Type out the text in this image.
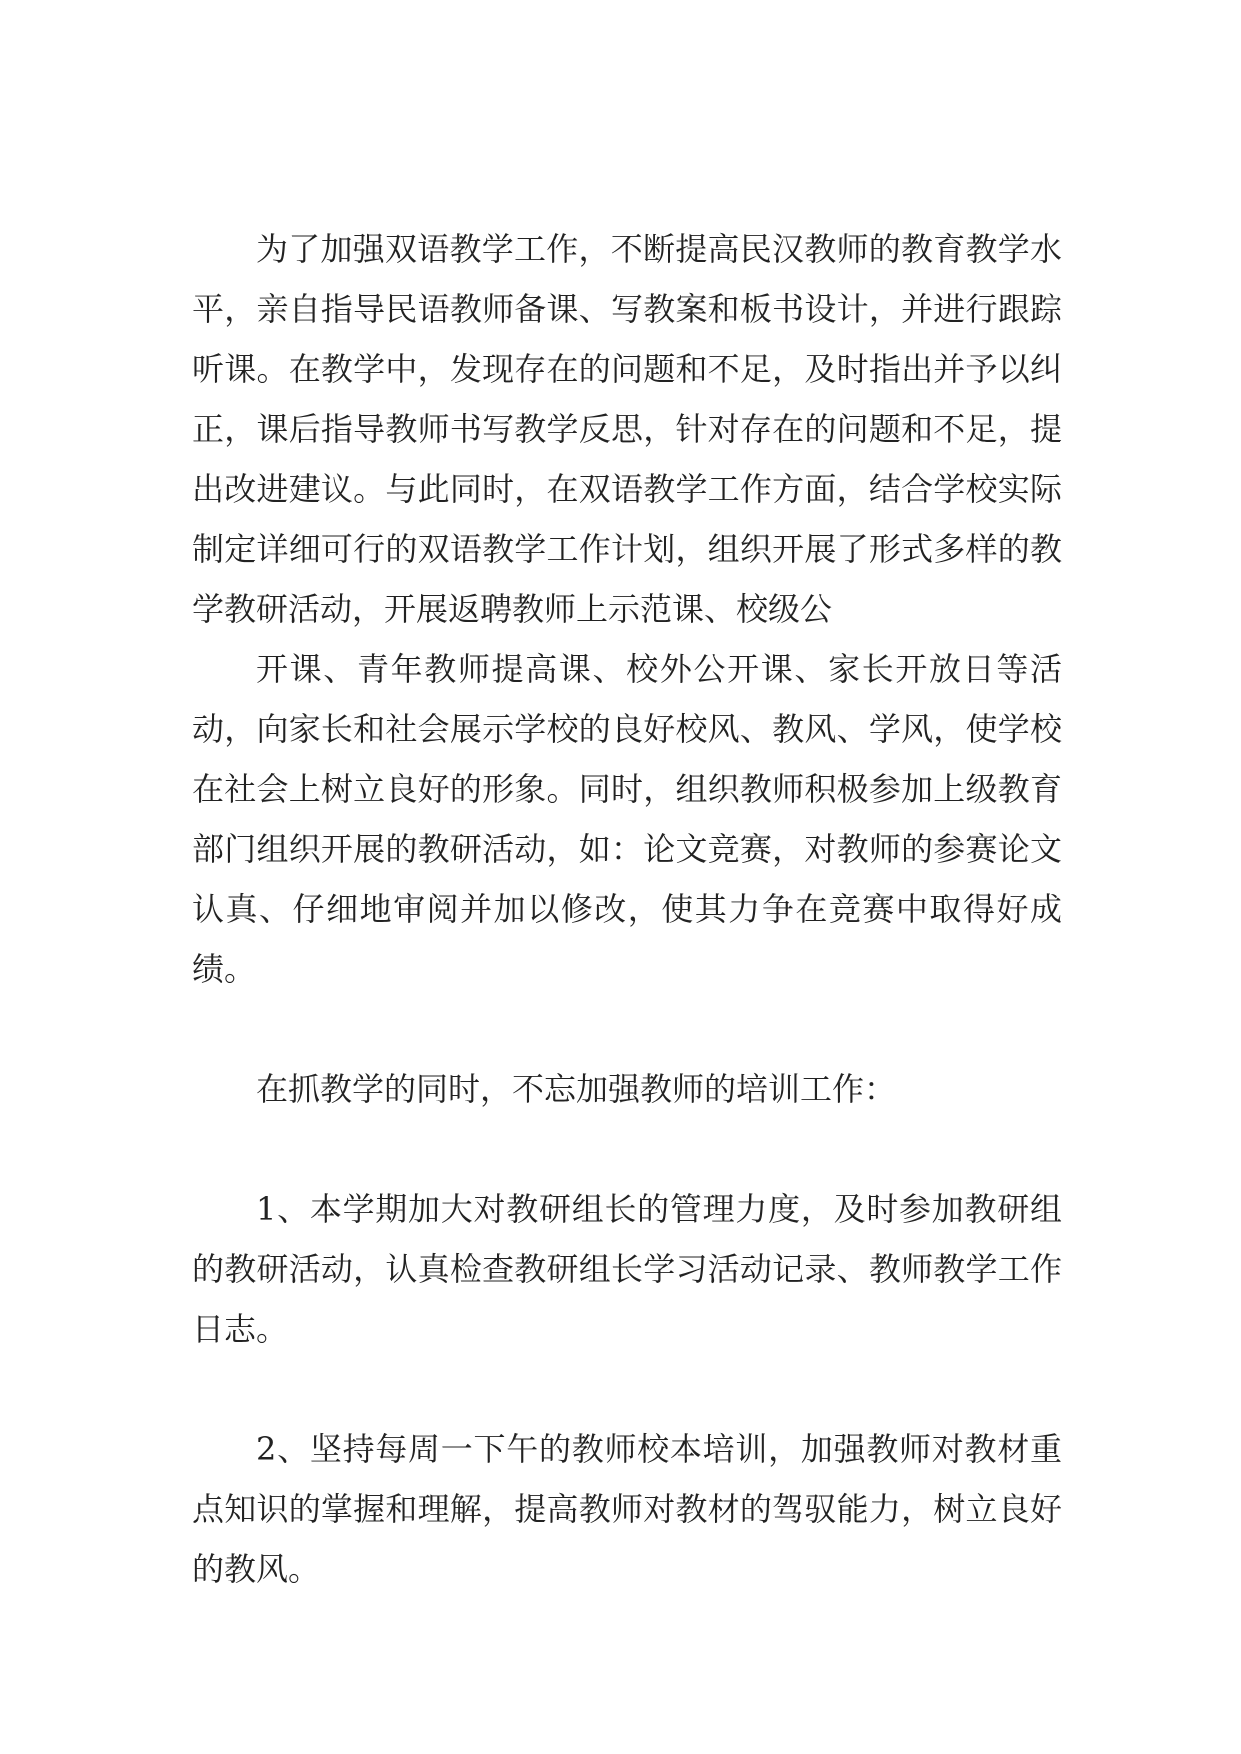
为了加强双语教学工作，不断提高民汉教师的教育教学水平，亲自指导民语教师备课、写教案和板书设计，并进行跟踪听课。在教学中，发现存在的问题和不足，及时指出并予以纠正，课后指导教师书写教学反思，针对存在的问题和不足，提出改进建议。与此同时，在双语教学工作方面，结合学校实际制定详细可行的双语教学工作计划，组织开展了形式多样的教学教研活动，开展返聘教师上示范课、校级公

开课、青年教师提高课、校外公开课、家长开放日等活动，向家长和社会展示学校的良好校风、教风、学风，使学校在社会上树立良好的形象。同时，组织教师积极参加上级教育部门组织开展的教研活动，如：论文竞赛，对教师的参赛论文认真、仔细地审阅并加以修改，使其力争在竞赛中取得好成绩。

在抓教学的同时，不忘加强教师的培训工作：

1、本学期加大对教研组长的管理力度，及时参加教研组的教研活动，认真检查教研组长学习活动记录、教师教学工作日志。

2、坚持每周一下午的教师校本培训，加强教师对教材重点知识的掌握和理解，提高教师对教材的驾驭能力，树立良好的教风。
